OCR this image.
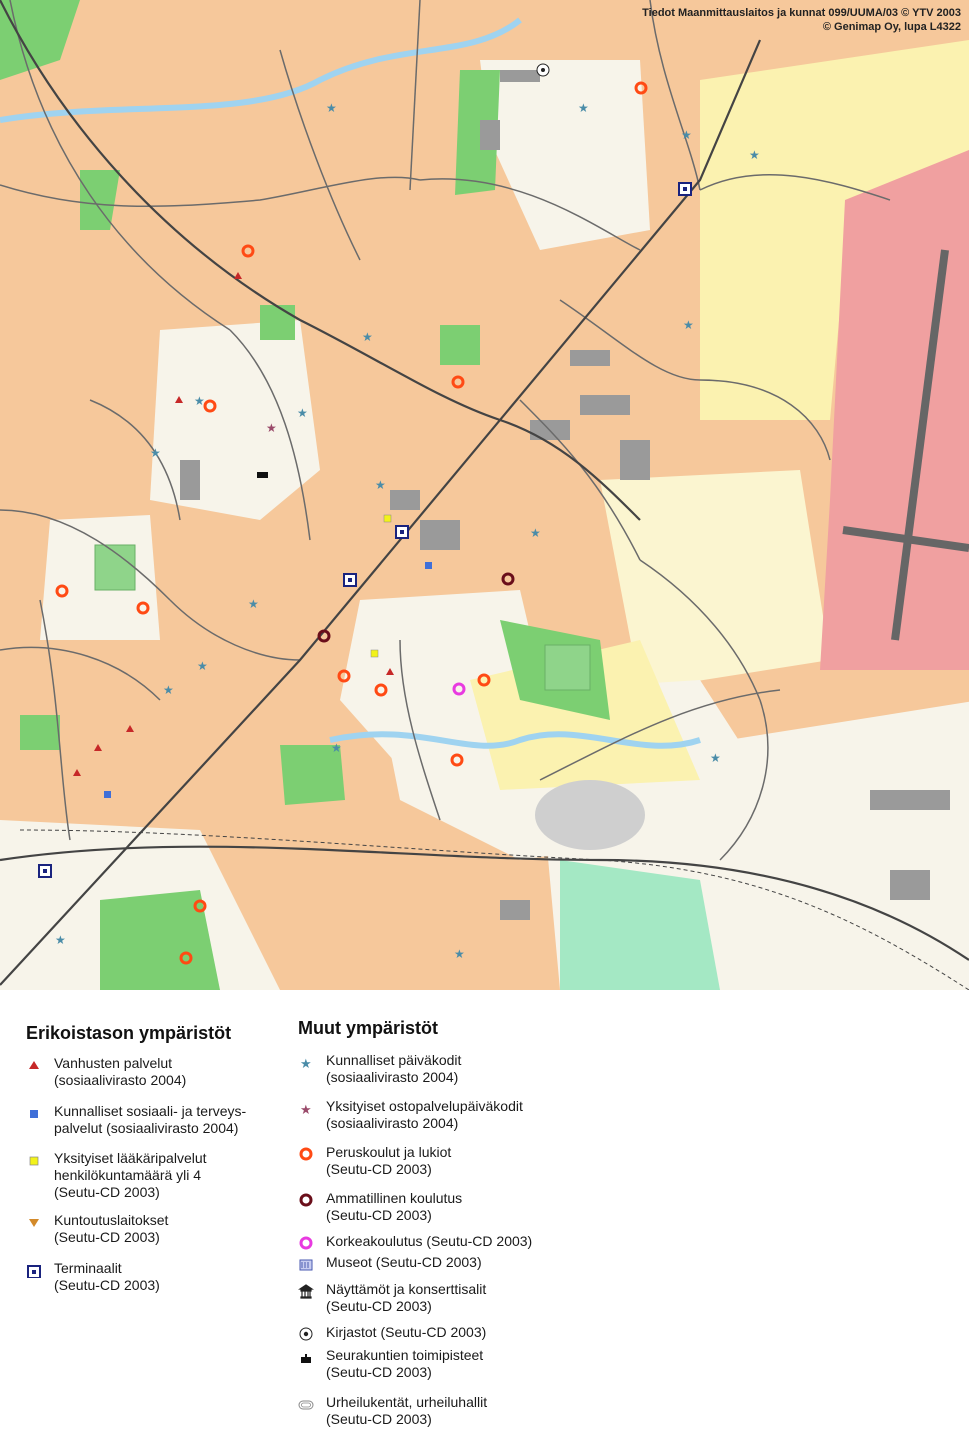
★	★
★
★
★
★
★
★
★
★
★
★
★
★
★
★
★
★
★
Tiedot Maanmittauslaitos ja kunnat 099/UUMA/03 © YTV 2003
© Genimap Oy, lupa L4322
Erikoistason ympäristöt	Muut ympäristöt
Vanhusten palvelut
(sosiaalivirasto 2004)
Kunnalliset sosiaali- ja terveys-
palvelut (sosiaalivirasto 2004)
Yksityiset lääkäripalvelut
henkilökuntamäärä yli 4
(Seutu-CD 2003)
Kuntoutuslaitokset
(Seutu-CD 2003)
Terminaalit
(Seutu-CD 2003)
★ Kunnalliset päiväkodit
(sosiaalivirasto 2004)
★ Yksityiset ostopalvelupäiväkodit
(sosiaalivirasto 2004)
Peruskoulut ja lukiot
(Seutu-CD 2003)
Ammatillinen koulutus
(Seutu-CD 2003)
Korkeakoulutus (Seutu-CD 2003)
Museot (Seutu-CD 2003)
Näyttämöt ja konserttisalit
(Seutu-CD 2003)
Kirjastot (Seutu-CD 2003)
Seurakuntien toimipisteet
(Seutu-CD 2003)
Urheilukentät, urheiluhallit
(Seutu-CD 2003)
